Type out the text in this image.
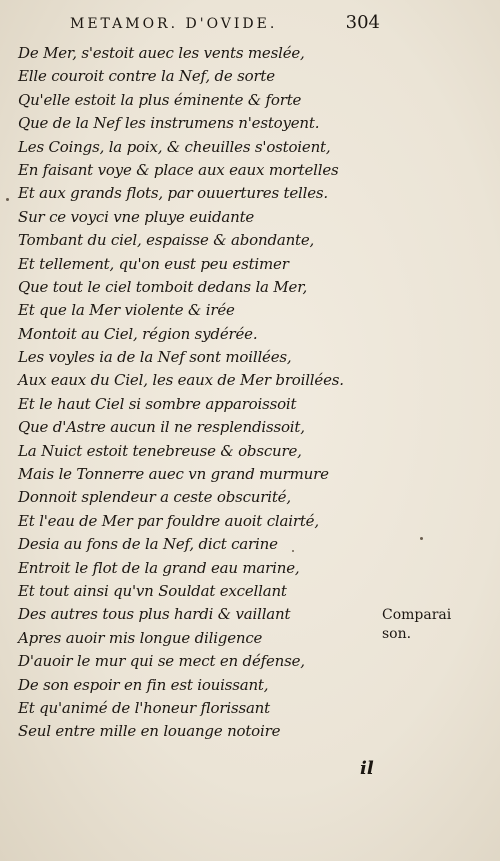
METAMOR. D'OVIDE.	304
De Mer, s'estoit auec les vents meslée,
Elle couroit contre la Nef, de sorte
Qu'elle estoit la plus éminente & forte
Que de la Nef les instrumens n'estoyent.
Les Coings, la poix, & cheuilles s'ostoient,
En faisant voye & place aux eaux mortelles
Et aux grands flots, par ouuertures telles.
Sur ce voyci vne pluye euidante
Tombant du ciel, espaisse & abondante,
Et tellement, qu'on eust peu estimer
Que tout le ciel tomboit dedans la Mer,
Et que la Mer violente & irée
Montoit au Ciel, région sydérée.
Les voyles ia de la Nef sont moillées,
Aux eaux du Ciel, les eaux de Mer broillées.
Et le haut Ciel si sombre apparoissoit
Que d'Astre aucun il ne resplendissoit,
La Nuict estoit tenebreuse & obscure,
Mais le Tonnerre auec vn grand murmure
Donnoit splendeur a ceste obscurité,
Et l'eau de Mer par fouldre auoit clairté,
Desia au fons de la Nef, dict carine
Entroit le flot de la grand eau marine,
Et tout ainsi qu'vn Souldat excellant
Des autres tous plus hardi & vaillant
Apres auoir mis longue diligence
D'auoir le mur qui se mect en défense,
De son espoir en fin est iouissant,
Et qu'animé de l'honeur florissant
Seul entre mille en louange notoire
Comparai
son.
il
